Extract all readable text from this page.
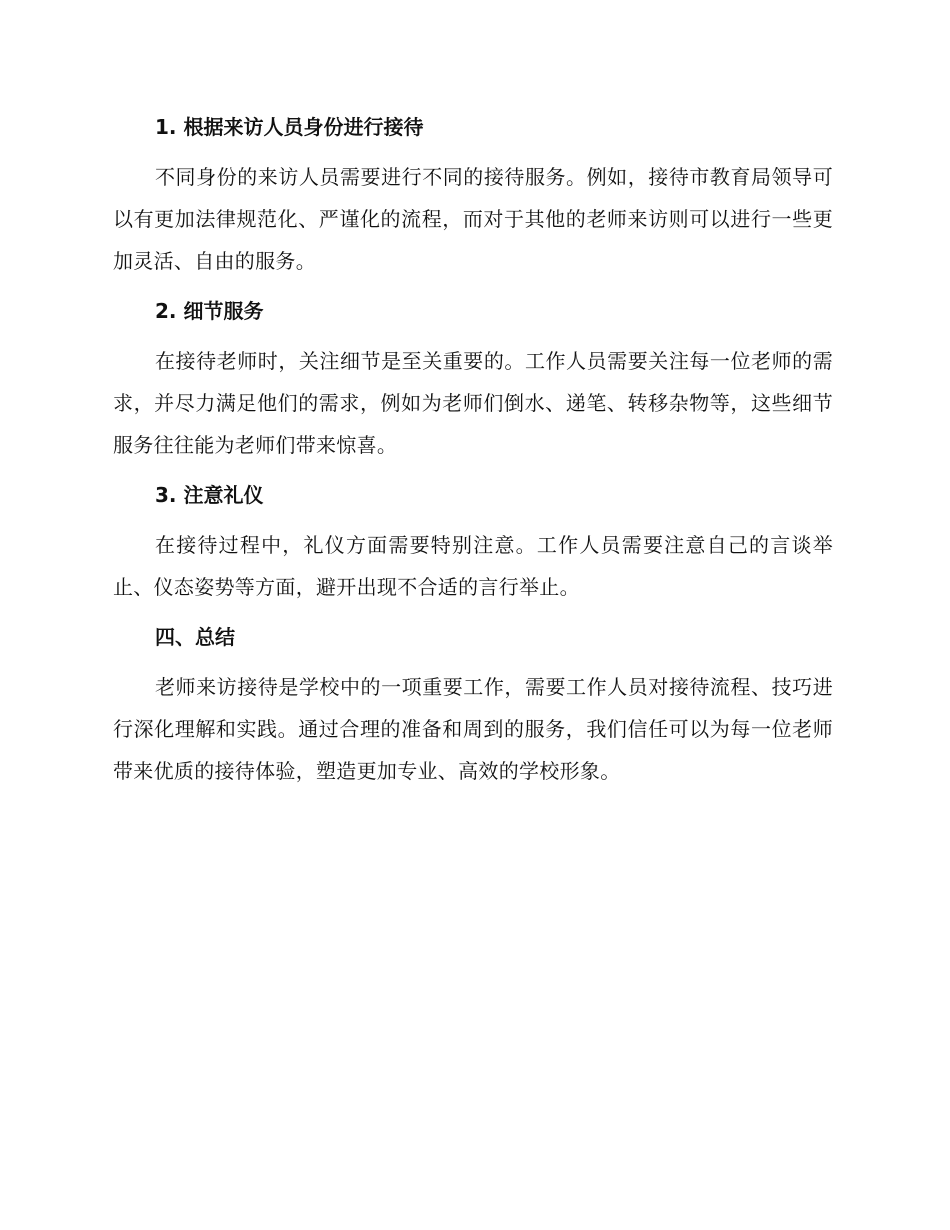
1. 根据来访人员身份进行接待

不同身份的来访人员需要进行不同的接待服务。例如，接待市教育局领导可以有更加法律规范化、严谨化的流程，而对于其他的老师来访则可以进行一些更加灵活、自由的服务。

2. 细节服务

在接待老师时，关注细节是至关重要的。工作人员需要关注每一位老师的需求，并尽力满足他们的需求，例如为老师们倒水、递笔、转移杂物等，这些细节服务往往能为老师们带来惊喜。

3. 注意礼仪

在接待过程中，礼仪方面需要特别注意。工作人员需要注意自己的言谈举止、仪态姿势等方面，避开出现不合适的言行举止。

四、总结

老师来访接待是学校中的一项重要工作，需要工作人员对接待流程、技巧进行深化理解和实践。通过合理的准备和周到的服务，我们信任可以为每一位老师带来优质的接待体验，塑造更加专业、高效的学校形象。
